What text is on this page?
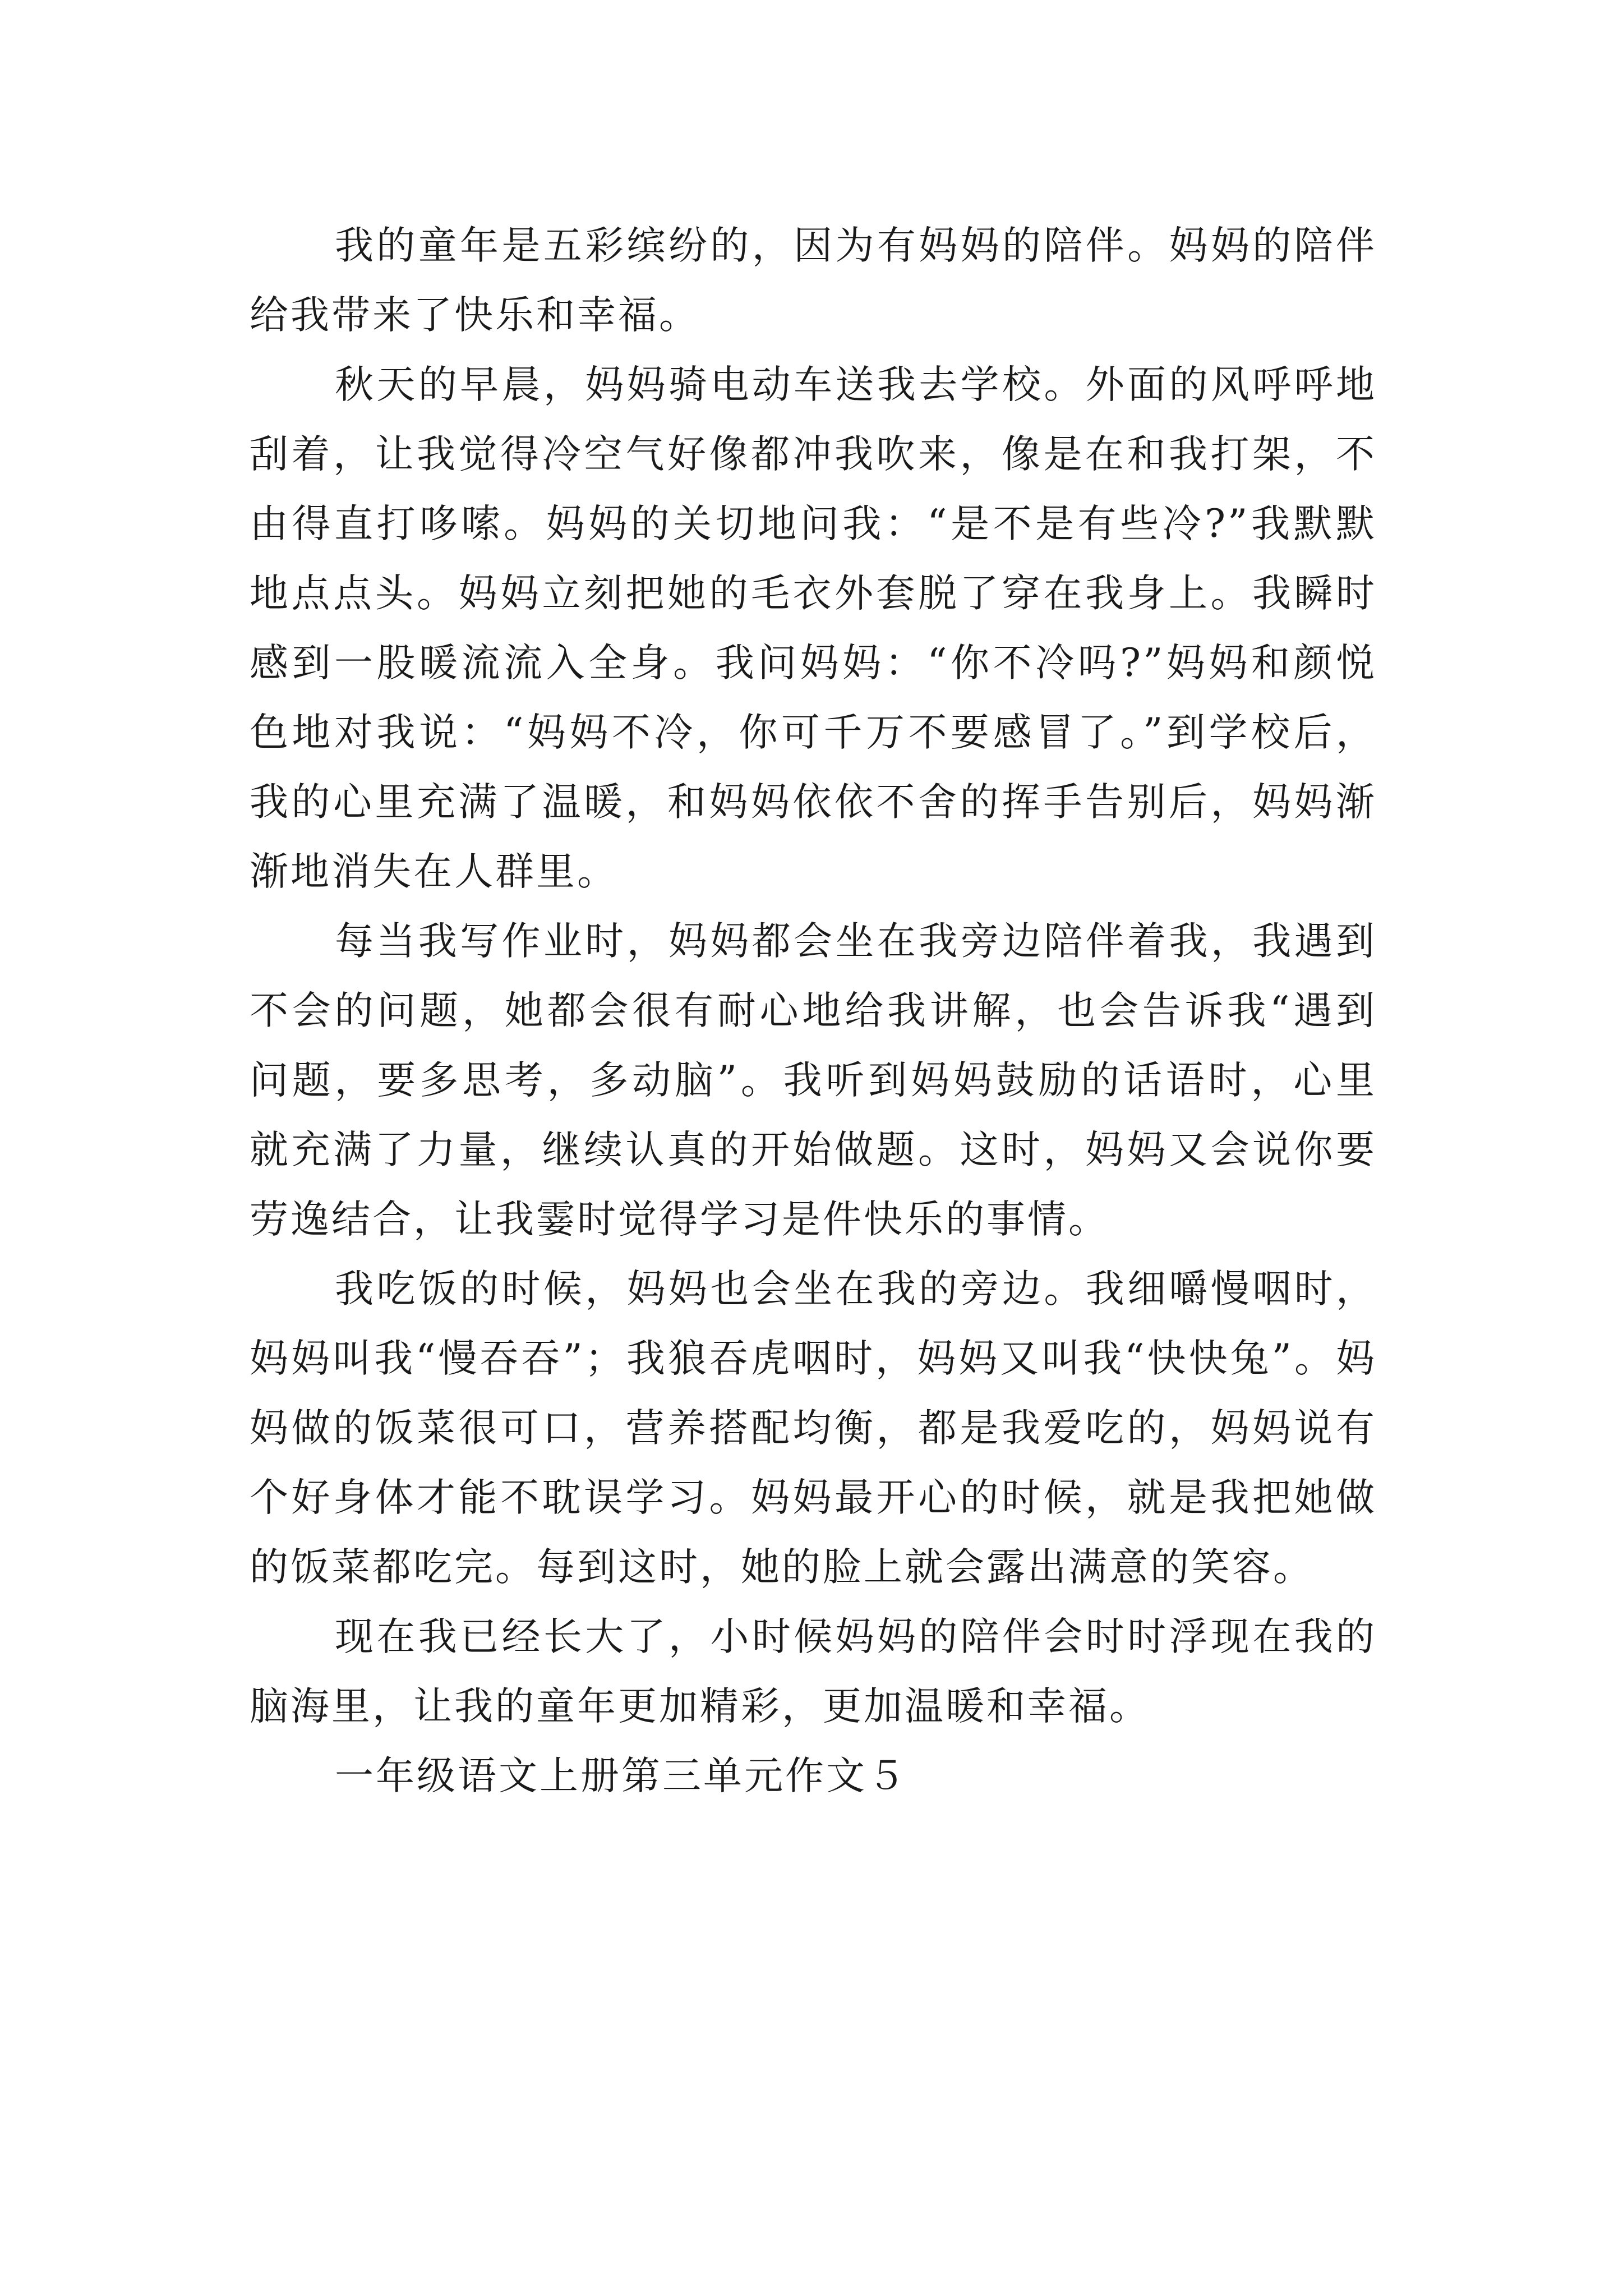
我的童年是五彩缤纷的，因为有妈妈的陪伴。妈妈的陪伴给我带来了快乐和幸福。

秋天的早晨，妈妈骑电动车送我去学校。外面的风呼呼地刮着，让我觉得冷空气好像都冲我吹来，像是在和我打架，不由得直打哆嗦。妈妈的关切地问我：“是不是有些冷?”我默默地点点头。妈妈立刻把她的毛衣外套脱了穿在我身上。我瞬时感到一股暖流流入全身。我问妈妈：“你不冷吗?”妈妈和颜悦色地对我说：“妈妈不冷，你可千万不要感冒了。”到学校后，我的心里充满了温暖，和妈妈依依不舍的挥手告别后，妈妈渐渐地消失在人群里。

每当我写作业时，妈妈都会坐在我旁边陪伴着我，我遇到不会的问题，她都会很有耐心地给我讲解，也会告诉我“遇到问题，要多思考，多动脑”。我听到妈妈鼓励的话语时，心里就充满了力量，继续认真的开始做题。这时，妈妈又会说你要劳逸结合，让我霎时觉得学习是件快乐的事情。

我吃饭的时候，妈妈也会坐在我的旁边。我细嚼慢咽时，妈妈叫我“慢吞吞”；我狼吞虎咽时，妈妈又叫我“快快兔”。妈妈做的饭菜很可口，营养搭配均衡，都是我爱吃的，妈妈说有个好身体才能不耽误学习。妈妈最开心的时候，就是我把她做的饭菜都吃完。每到这时，她的脸上就会露出满意的笑容。

现在我已经长大了，小时候妈妈的陪伴会时时浮现在我的脑海里，让我的童年更加精彩，更加温暖和幸福。

一年级语文上册第三单元作文５
